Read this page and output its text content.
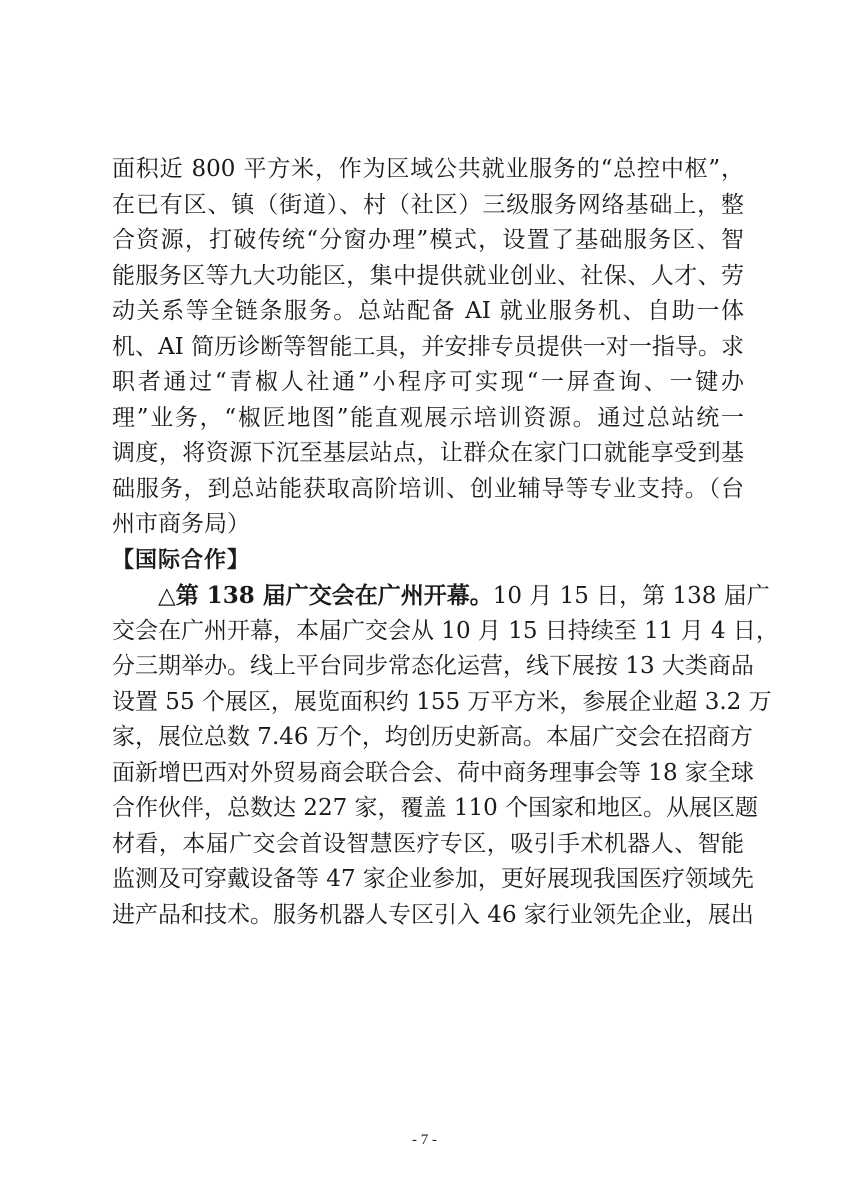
面积近 800 平方米，作为区域公共就业服务的“总控中枢”，
在已有区、镇（街道）、村（社区）三级服务网络基础上，整
合资源，打破传统“分窗办理”模式，设置了基础服务区、智
能服务区等九大功能区，集中提供就业创业、社保、人才、劳
动关系等全链条服务。总站配备 AI 就业服务机、自助一体
机、AI 简历诊断等智能工具，并安排专员提供一对一指导。求
职者通过“青椒人社通”小程序可实现“一屏查询、一键办
理”业务，“椒匠地图”能直观展示培训资源。通过总站统一
调度，将资源下沉至基层站点，让群众在家门口就能享受到基
础服务，到总站能获取高阶培训、创业辅导等专业支持。（台
州市商务局）
【国际合作】
△第 138 届广交会在广州开幕。10 月 15 日，第 138 届广
交会在广州开幕，本届广交会从 10 月 15 日持续至 11 月 4 日，
分三期举办。线上平台同步常态化运营，线下展按 13 大类商品
设置 55 个展区，展览面积约 155 万平方米，参展企业超 3.2 万
家，展位总数 7.46 万个，均创历史新高。本届广交会在招商方
面新增巴西对外贸易商会联合会、荷中商务理事会等 18 家全球
合作伙伴，总数达 227 家，覆盖 110 个国家和地区。从展区题
材看，本届广交会首设智慧医疗专区，吸引手术机器人、智能
监测及可穿戴设备等 47 家企业参加，更好展现我国医疗领域先
进产品和技术。服务机器人专区引入 46 家行业领先企业，展出
- 7 -
